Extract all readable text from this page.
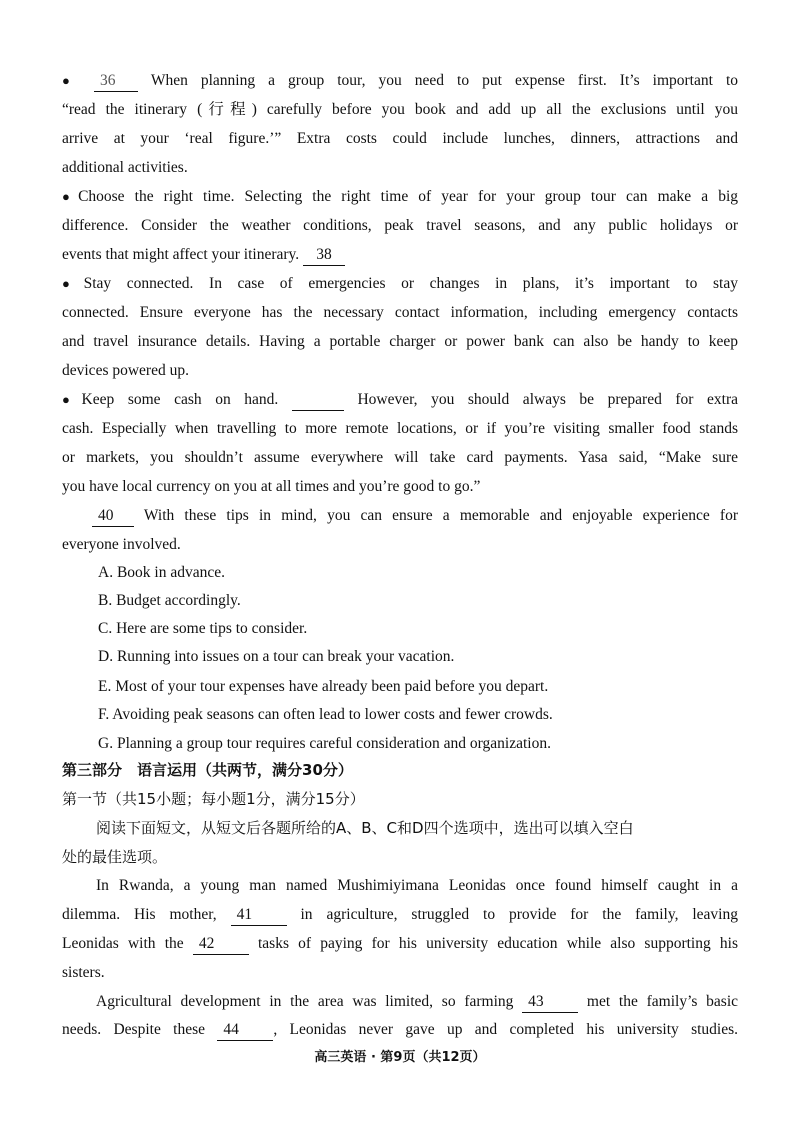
● 36 When planning a group tour, you need to put expense first. It’s important to
“read the itinerary (行程) carefully before you book and add up all the exclusions until you
arrive at your ‘real figure.’” Extra costs could include lunches, dinners, attractions and
additional activities.
● Choose the right time. Selecting the right time of year for your group tour can make a big
difference. Consider the weather conditions, peak travel seasons, and any public holidays or
events that might affect your itinerary. 38
● Stay connected. In case of emergencies or changes in plans, it’s important to stay
connected. Ensure everyone has the necessary contact information, including emergency contacts
and travel insurance details. Having a portable charger or power bank can also be handy to keep
devices powered up.
● Keep some cash on hand.	However, you should always be prepared for extra
cash. Especially when travelling to more remote locations, or if you’re visiting smaller food stands
or markets, you shouldn’t assume everywhere will take card payments. Yasa said, “Make sure
you have local currency on you at all times and you’re good to go.”
40 With these tips in mind, you can ensure a memorable and enjoyable experience for
everyone involved.
A. Book in advance.
B. Budget accordingly.
C. Here are some tips to consider.
D. Running into issues on a tour can break your vacation.
E. Most of your tour expenses have already been paid before you depart.
F. Avoiding peak seasons can often lead to lower costs and fewer crowds.
G. Planning a group tour requires careful consideration and organization.
第三部分　语言运用（共两节，满分30分）
第一节（共15小题；每小题1分，满分15分）
阅读下面短文，从短文后各题所给的A、B、C和D四个选项中，选出可以填入空白
处的最佳选项。
In Rwanda, a young man named Mushimiyimana Leonidas once found himself caught in a
dilemma. His mother, 41	in agriculture, struggled to provide for the family, leaving
Leonidas with the 42	tasks of paying for his university education while also supporting his
sisters.
Agricultural development in the area was limited, so farming 43	met the family’s basic
needs. Despite these 44 , Leonidas never gave up and completed his university studies.
高三英语 · 第9页（共12页）
